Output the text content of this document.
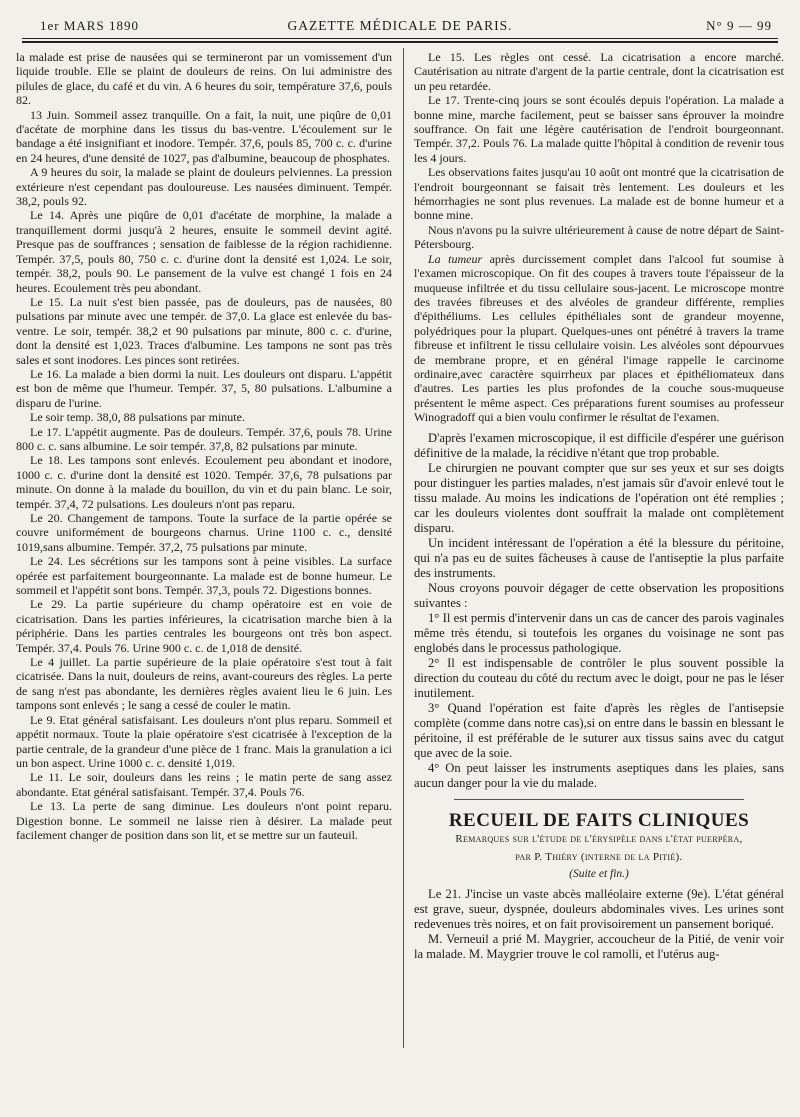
1er MARS 1890	GAZETTE MÉDICALE DE PARIS.	N° 9 — 99

la malade est prise de nausées qui se termineront par un vomissement d'un liquide trouble. Elle se plaint de douleurs de reins. On lui administre des pilules de glace, du café et du vin. A 6 heures du soir, température 37,6, pouls 82.

13 Juin. Sommeil assez tranquille. On a fait, la nuit, une piqûre de 0,01 d'acétate de morphine dans les tissus du bas-ventre. L'écoulement sur le bandage a été insignifiant et inodore. Tempér. 37,6, pouls 85, 700 c. c. d'urine en 24 heures, d'une densité de 1027, pas d'albumine, beaucoup de phosphates.

A 9 heures du soir, la malade se plaint de douleurs pelviennes. La pression extérieure n'est cependant pas douloureuse. Les nausées diminuent. Tempér. 38,2, pouls 92.

Le 14. Après une piqûre de 0,01 d'acétate de morphine, la malade a tranquillement dormi jusqu'à 2 heures, ensuite le sommeil devint agité. Presque pas de souffrances ; sensation de faiblesse de la région rachidienne. Tempér. 37,5, pouls 80, 750 c. c. d'urine dont la densité est 1,024. Le soir, tempér. 38,2, pouls 90. Le pansement de la vulve est changé 1 fois en 24 heures. Ecoulement très peu abondant.

Le 15. La nuit s'est bien passée, pas de douleurs, pas de nausées, 80 pulsations par minute avec une tempér. de 37,0. La glace est enlevée du bas-ventre. Le soir, tempér. 38,2 et 90 pulsations par minute, 800 c. c. d'urine, dont la densité est 1,023. Traces d'albumine. Les tampons ne sont pas très sales et sont inodores. Les pinces sont retirées.

Le 16. La malade a bien dormi la nuit. Les douleurs ont disparu. L'appétit est bon de même que l'humeur. Tempér. 37, 5, 80 pulsations. L'albumine a disparu de l'urine.

Le soir temp. 38,0, 88 pulsations par minute.

Le 17. L'appétit augmente. Pas de douleurs. Tempér. 37,6, pouls 78. Urine 800 c. c. sans albumine. Le soir tempér. 37,8, 82 pulsations par minute.

Le 18. Les tampons sont enlevés. Ecoulement peu abondant et inodore, 1000 c. c. d'urine dont la densité est 1020. Tempér. 37,6, 78 pulsations par minute. On donne à la malade du bouillon, du vin et du pain blanc. Le soir, tempér. 37,4, 72 pulsations. Les douleurs n'ont pas reparu.

Le 20. Changement de tampons. Toute la surface de la partie opérée se couvre uniformément de bourgeons charnus. Urine 1100 c. c., densité 1019,sans albumine. Tempér. 37,2, 75 pulsations par minute.

Le 24. Les sécrétions sur les tampons sont à peine visibles. La surface opérée est parfaitement bourgeonnante. La malade est de bonne humeur. Le sommeil et l'appétit sont bons. Tempér. 37,3, pouls 72. Digestions bonnes.

Le 29. La partie supérieure du champ opératoire est en voie de cicatrisation. Dans les parties inférieures, la cicatrisation marche bien à la périphérie. Dans les parties centrales les bourgeons ont très bon aspect. Tempér. 37,4. Pouls 76. Urine 900 c. c. de 1,018 de densité.

Le 4 juillet. La partie supérieure de la plaie opératoire s'est tout à fait cicatrisée. Dans la nuit, douleurs de reins, avant-coureurs des règles. La perte de sang n'est pas abondante, les dernières règles avaient lieu le 6 juin. Les tampons sont enlevés ; le sang a cessé de couler le matin.

Le 9. Etat général satisfaisant. Les douleurs n'ont plus reparu. Sommeil et appétit normaux. Toute la plaie opératoire s'est cicatrisée à l'exception de la partie centrale, de la grandeur d'une pièce de 1 franc. Mais la granulation a ici un bon aspect. Urine 1000 c. c. densité 1,019.

Le 11. Le soir, douleurs dans les reins ; le matin perte de sang assez abondante. Etat général satisfaisant. Tempér. 37,4. Pouls 76.

Le 13. La perte de sang diminue. Les douleurs n'ont point reparu. Digestion bonne. Le sommeil ne laisse rien à désirer. La malade peut facilement changer de position dans son lit, et se mettre sur un fauteuil.

Le 15. Les règles ont cessé. La cicatrisation a encore marché. Cautérisation au nitrate d'argent de la partie centrale, dont la cicatrisation est un peu retardée.

Le 17. Trente-cinq jours se sont écoulés depuis l'opération. La malade a bonne mine, marche facilement, peut se baisser sans éprouver la moindre souffrance. On fait une légère cautérisation de l'endroit bourgeonnant. Tempér. 37,2. Pouls 76. La malade quitte l'hôpital à condition de revenir tous les 4 jours.

Les observations faites jusqu'au 10 août ont montré que la cicatrisation de l'endroit bourgeonnant se faisait très lentement. Les douleurs et les hémorrhagies ne sont plus revenues. La malade est de bonne humeur et a bonne mine.

Nous n'avons pu la suivre ultérieurement à cause de notre départ de Saint-Pétersbourg.

La tumeur après durcissement complet dans l'alcool fut soumise à l'examen microscopique. On fit des coupes à travers toute l'épaisseur de la muqueuse infiltrée et du tissu cellulaire sous-jacent. Le microscope montre des travées fibreuses et des alvéoles de grandeur différente, remplies d'épithéliums. Les cellules épithéliales sont de grandeur moyenne, polyédriques pour la plupart. Quelques-unes ont pénétré à travers la trame fibreuse et infiltrent le tissu cellulaire voisin. Les alvéoles sont dépourvues de membrane propre, et en général l'image rappelle le carcinome ordinaire,avec caractère squirrheux par places et épithéliomateux dans d'autres. Les parties les plus profondes de la couche sous-muqueuse présentent le même aspect. Ces préparations furent soumises au professeur Winogradoff qui a bien voulu confirmer le résultat de l'examen.

D'après l'examen microscopique, il est difficile d'espérer une guérison définitive de la malade, la récidive n'étant que trop probable.

Le chirurgien ne pouvant compter que sur ses yeux et sur ses doigts pour distinguer les parties malades, n'est jamais sûr d'avoir enlevé tout le tissu malade. Au moins les indications de l'opération ont été remplies ; car les douleurs violentes dont souffrait la malade ont complètement disparu.

Un incident intéressant de l'opération a été la blessure du péritoine, qui n'a pas eu de suites fâcheuses à cause de l'antiseptie la plus parfaite des instruments.

Nous croyons pouvoir dégager de cette observation les propositions suivantes :

1° Il est permis d'intervenir dans un cas de cancer des parois vaginales même très étendu, si toutefois les organes du voisinage ne sont pas englobés dans le processus pathologique.

2° Il est indispensable de contrôler le plus souvent possible la direction du couteau du côté du rectum avec le doigt, pour ne pas le léser inutilement.

3° Quand l'opération est faite d'après les règles de l'antisepsie complète (comme dans notre cas),si on entre dans le bassin en blessant le péritoine, il est préférable de le suturer aux tissus sains avec du catgut que avec de la soie.

4° On peut laisser les instruments aseptiques dans les plaies, sans aucun danger pour la vie du malade.

RECUEIL DE FAITS CLINIQUES
Remarques sur l'étude de l'érysipèle dans l'état puerpéra,
par P. Thiéry (interne de la Pitié).
(Suite et fin.)

Le 21. J'incise un vaste abcès malléolaire externe (9e). L'état général est grave, sueur, dyspnée, douleurs abdominales vives. Les urines sont redevenues très noires, et on fait provisoirement un pansement boriqué.

M. Verneuil a prié M. Maygrier, accoucheur de la Pitié, de venir voir la malade. M. Maygrier trouve le col ramolli, et l'utérus aug-
